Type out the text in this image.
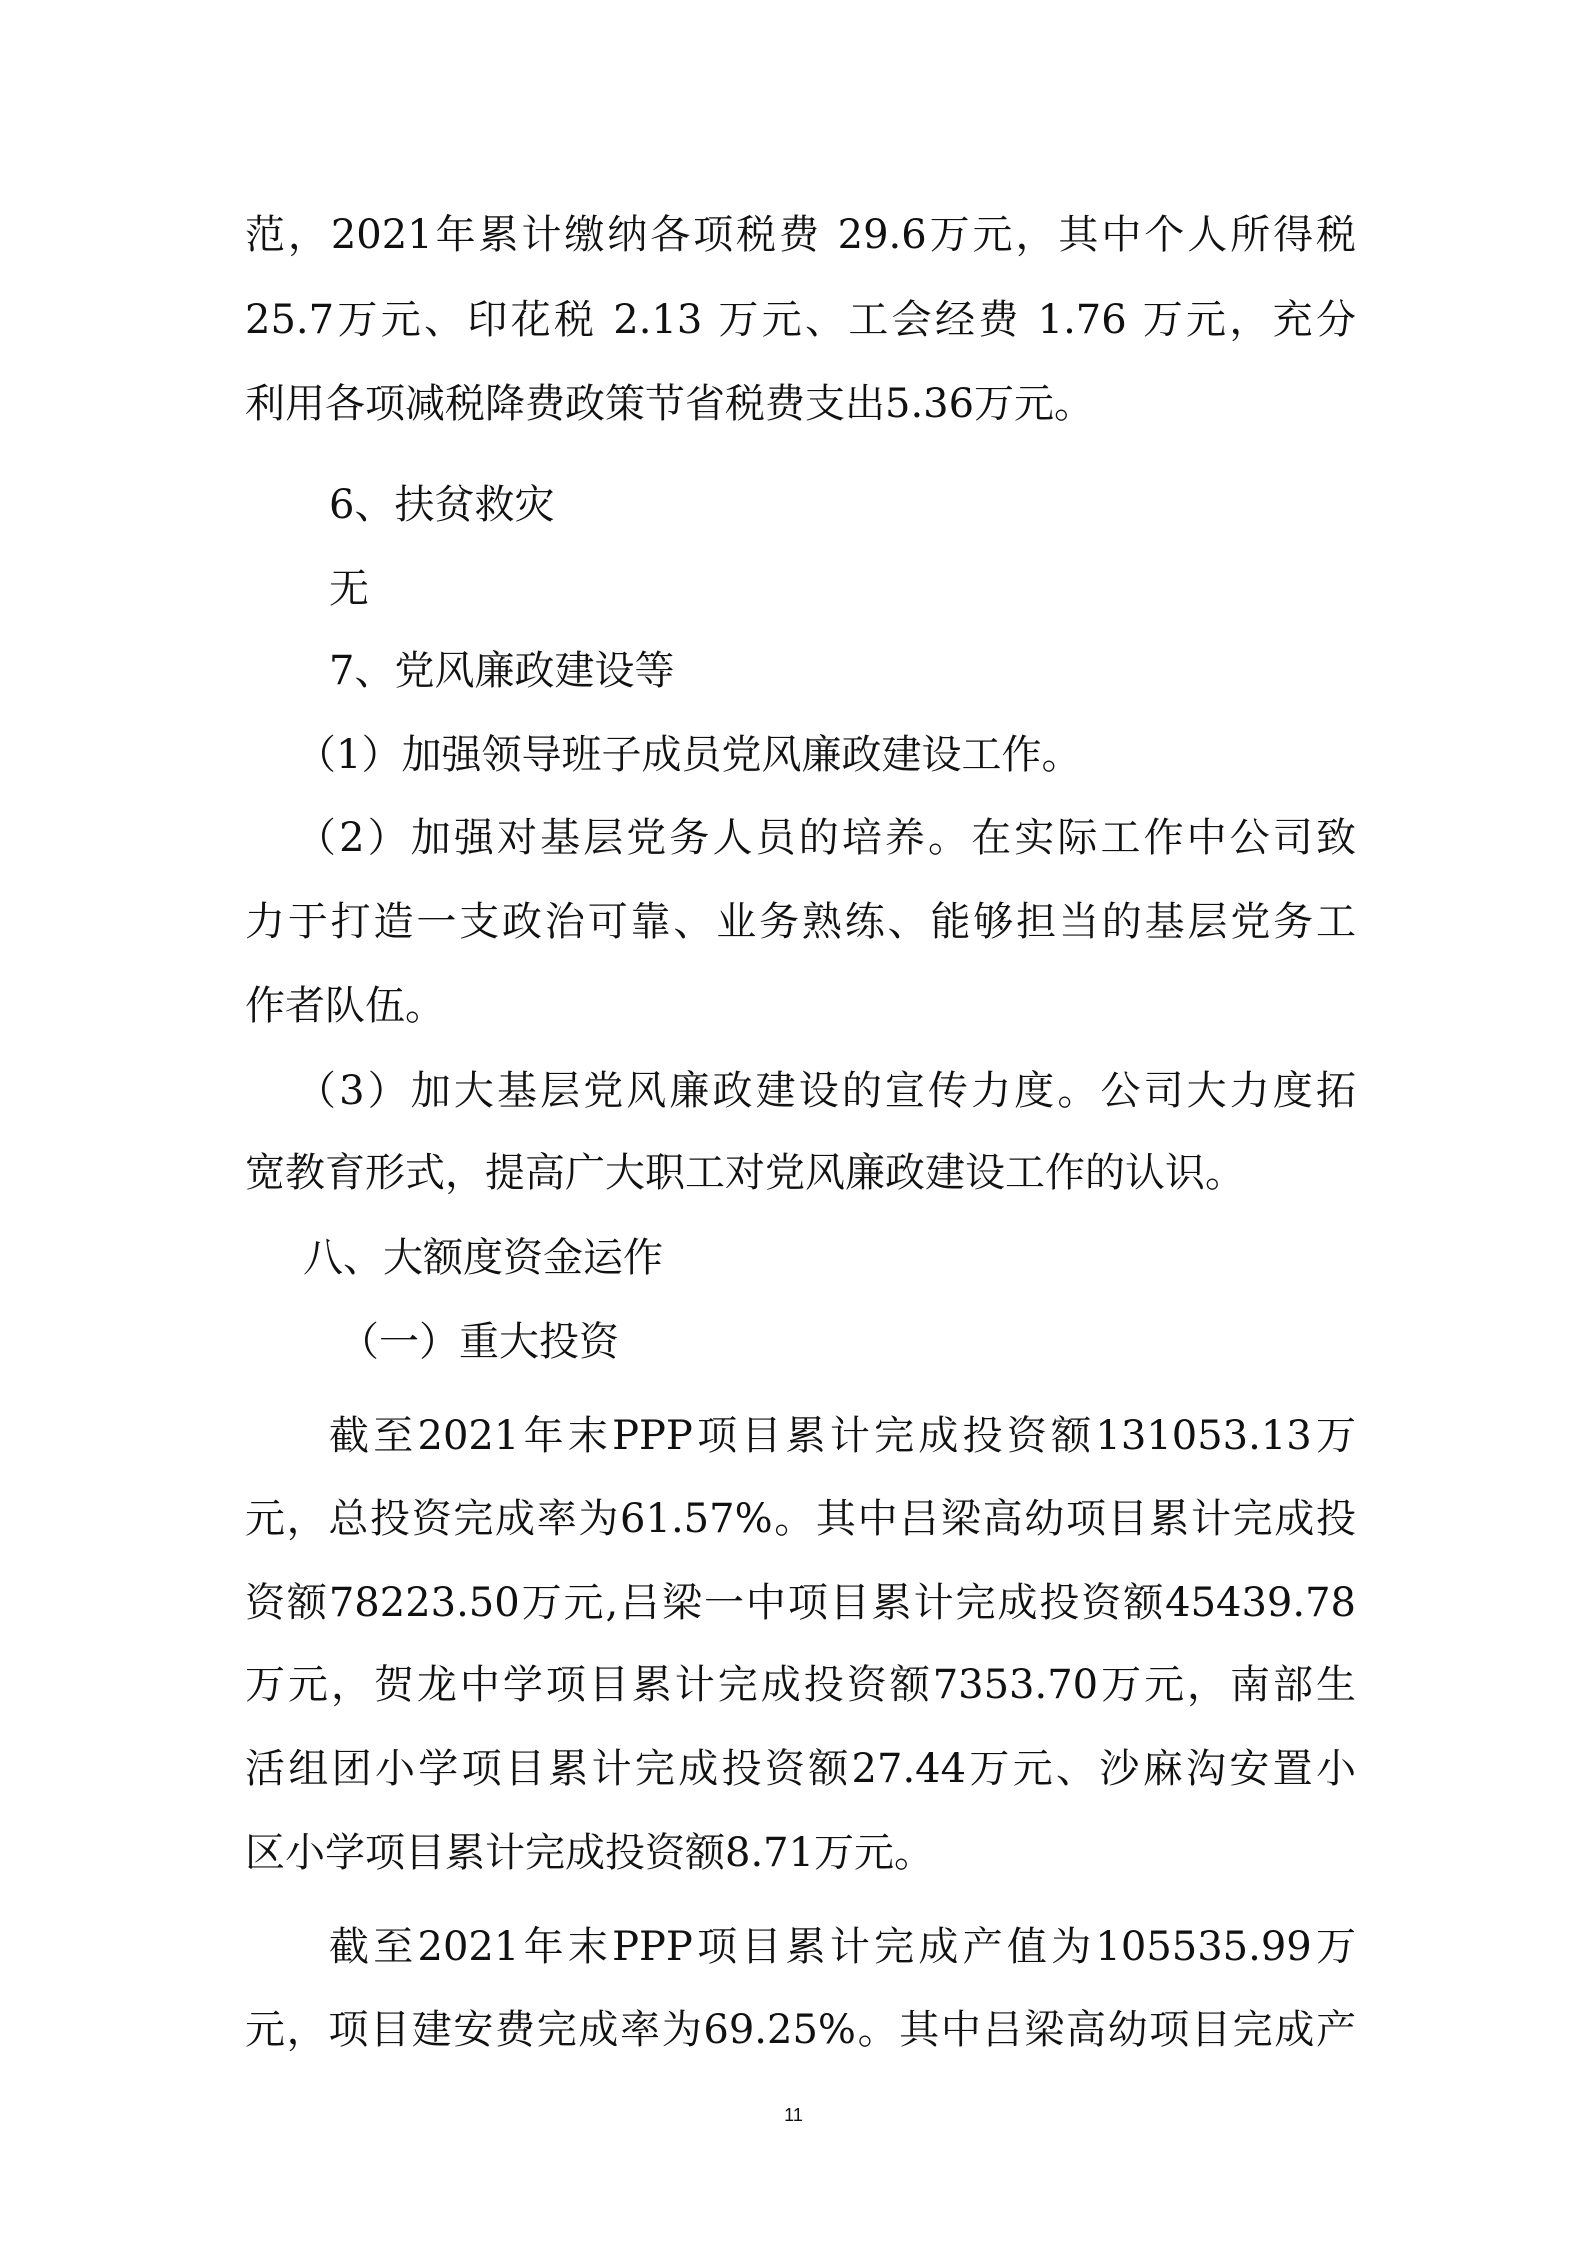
范，2021年累计缴纳各项税费 29.6万元，其中个人所得税
25.7万元、印花税 2.13 万元、工会经费 1.76 万元，充分
利用各项减税降费政策节省税费支出5.36万元。
6、扶贫救灾
无
7、党风廉政建设等
（1）加强领导班子成员党风廉政建设工作。
（2）加强对基层党务人员的培养。在实际工作中公司致
力于打造一支政治可靠、业务熟练、能够担当的基层党务工
作者队伍。
（3）加大基层党风廉政建设的宣传力度。公司大力度拓
宽教育形式，提高广大职工对党风廉政建设工作的认识。
八、大额度资金运作
（一）重大投资
截至2021年末PPP项目累计完成投资额131053.13万
元，总投资完成率为61.57%。其中吕梁高幼项目累计完成投
资额78223.50万元,吕梁一中项目累计完成投资额45439.78
万元，贺龙中学项目累计完成投资额7353.70万元，南部生
活组团小学项目累计完成投资额27.44万元、沙麻沟安置小
区小学项目累计完成投资额8.71万元。
截至2021年末PPP项目累计完成产值为105535.99万
元，项目建安费完成率为69.25%。其中吕梁高幼项目完成产
11
